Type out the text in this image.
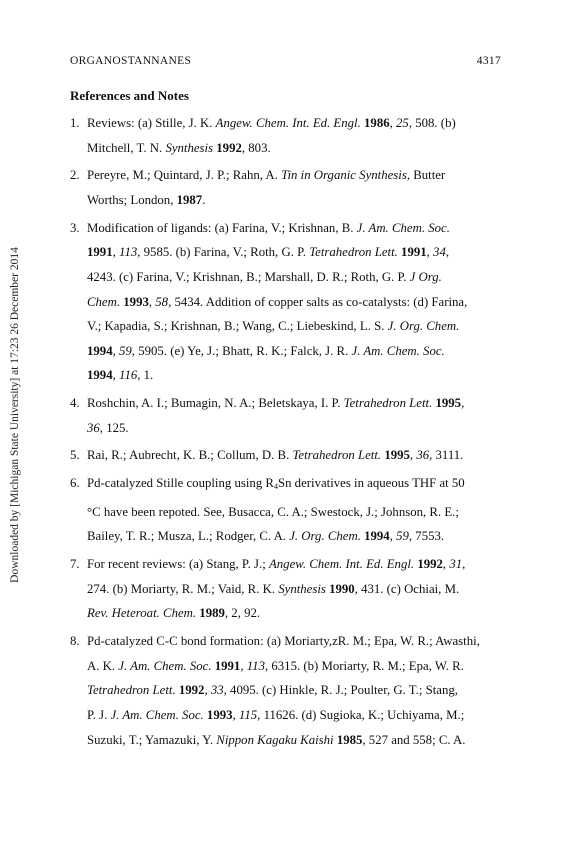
Downloaded by [Michigan State University] at 17:23 26 December 2014
ORGANOSTANNANES	4317
References and Notes
1. Reviews: (a) Stille, J. K. Angew. Chem. Int. Ed. Engl. 1986, 25, 508. (b)
Mitchell, T. N. Synthesis 1992, 803.
2. Pereyre, M.; Quintard, J. P.; Rahn, A. Tin in Organic Synthesis, Butter
Worths; London, 1987.
3. Modification of ligands: (a) Farina, V.; Krishnan, B. J. Am. Chem. Soc.
1991, 113, 9585. (b) Farina, V.; Roth, G. P. Tetrahedron Lett. 1991, 34,
4243. (c) Farina, V.; Krishnan, B.; Marshall, D. R.; Roth, G. P. J Org.
Chem. 1993, 58, 5434. Addition of copper salts as co-catalysts: (d) Farina,
V.; Kapadia, S.; Krishnan, B.; Wang, C.; Liebeskind, L. S. J. Org. Chem.
1994, 59, 5905. (e) Ye, J.; Bhatt, R. K.; Falck, J. R. J. Am. Chem. Soc.
1994, 116, 1.
4. Roshchin, A. I.; Bumagin, N. A.; Beletskaya, I. P. Tetrahedron Lett. 1995,
36, 125.
5. Rai, R.; Aubrecht, K. B.; Collum, D. B. Tetrahedron Lett. 1995, 36, 3111.
6. Pd-catalyzed Stille coupling using $R_4Sn$ derivatives in aqueous THF at 50
°C have been repoted. See, Busacca, C. A.; Swestock, J.; Johnson, R. E.;
Bailey, T. R.; Musza, L.; Rodger, C. A. J. Org. Chem. 1994, 59, 7553.
7. For recent reviews: (a) Stang, P. J.; Angew. Chem. Int. Ed. Engl. 1992, 31,
274. (b) Moriarty, R. M.; Vaid, R. K. Synthesis 1990, 431. (c) Ochiai, M.
Rev. Heteroat. Chem. 1989, 2, 92.
8. Pd-catalyzed C-C bond formation: (a) Moriarty,zR. M.; Epa, W. R.; Awasthi,
A. K. J. Am. Chem. Soc. 1991, 113, 6315. (b) Moriarty, R. M.; Epa, W. R.
Tetrahedron Lett. 1992, 33, 4095. (c) Hinkle, R. J.; Poulter, G. T.; Stang,
P. J. J. Am. Chem. Soc. 1993, 115, 11626. (d) Sugioka, K.; Uchiyama, M.;
Suzuki, T.; Yamazuki, Y. Nippon Kagaku Kaishi 1985, 527 and 558; C. A.
